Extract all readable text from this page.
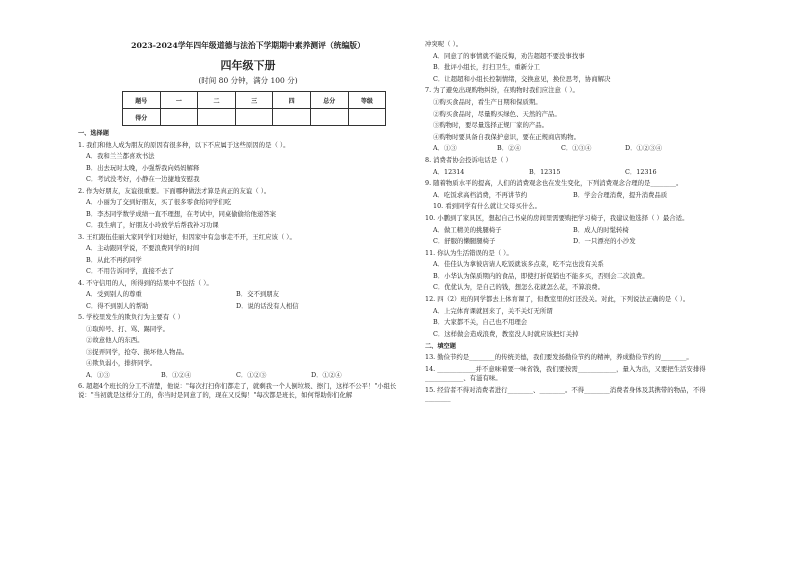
2023-2024学年四年级道德与法治下学期期中素养测评（统编版）
四年级下册
(时间 80 分钟，满分 100 分)
题号	一	二	三	四	总分	等级
得分						
一、选择题
1. 我们和他人成为朋友的原因有很多种，以下不应属于这些原因的是（ ）。
A．我和兰兰都喜欢书法
B．出去玩时太晚，小强帮我向妈妈解释
C．考试没考好，小静在一边捷地安慰我
2. 作为好朋友，友谊很重要。下面哪种做法才算是真正的友谊（ ）。
A．小丽为了交到好朋友，买了很多零食给同学们吃
B．李杰同学数学成绩一直不理想，在考试中，同桌偷偷给他递答案
C．我生病了，好朋友小玲放学后帮我补习功课
3. 王红跟伍佳丽大家同学们对她好，但因家中有急事走不开，王红应该（ ）。
A．主动跟同学说，不要浪费同学的时间
B．从此不再约同学
C．不用告诉同学，直接不去了
4. 不守信用的人，所得到的结果中不包括（ ）。
A．受到别人的尊重	B．交不到朋友
C．得不到别人的帮助	D．说的话没有人相信
5. 学校里发生的欺负行为主要有（ ）
①取绰号、打、骂、踢同学。
②故意他人的东西。
③捉弄同学，抢夺、损坏他人物品。
④欺负弱小，排挤同学。
A．①③	B．①②④	C．①②③	D．①②④
6. 超超4个班长的分工不清楚，他说："每次打扫你们都走了，就剩我一个人倒垃圾、擦门，这样不公平！"小组长说："当初就是这样分工的，你当时是同意了的，现在又反悔！"每次都是班长，如何帮助你们化解
冲突呢（ ）。
A．同意了的事情就不能反悔，劝告超超不要没事找事
B．批评小组长，打扫卫生，重新分工
C．让超超和小组长控制情绪，交换意见，换位思考，协商解决
7. 为了避免出现购物纠纷，在购物时我们应注意（ ）。
①购买食品时，看生产日期和保质期。
②购买食品时，尽量购买绿色、天然的产品。
③购物时，要尽量选择正规厂家的产品。
④购物时要具备自我保护意识，要在正规商店购物。
A．①③	B．②④	C．①③④	D．①②③④
8. 消费者协会投诉电话是（ ）
A．12314	B．12315	C．12316
9. 随着物质水平的提高，人们的消费观念也在发生变化，下列消费观念合理的是________。
A．吃饭求高档消费，不再讲节约	B．学会合理消费，提升消费品质
10. 看到同学有什么就让父母买什么。
10. 小鹏到了家具区，想起自己书桌的房间里需要购把学习椅子，我建议他选择（ ）最合适。
A．做工精美的挑腿椅子	B．成人的时髦转椅
C．舒服的懒腿腿椅子	D．一只漂亮的小沙发
11. 你认为生活错误的是（ ）。
A．佳佳认为拿彼店请人吃饭就该多点菜，吃不完也没有关系
B．小华认为保质期内的食品，即使打折促销也不能多买，否则会二次浪费。
C．优优认为，是自己的钱，想怎么花就怎么花，不算浪费。
12. 四（2）班的同学都去上体育课了，但教室里的灯还没关。对此，下列说法正确的是（ ）。
A．上完体育课就回来了，关不关灯无所谓
B．大家都不关，自己也不用理会
C．这样做会造成浪费，教室没人时就应该把灯关掉
二、填空题
13. 勤俭节约是________的传统美德，我们要发扬勤俭节约的精神，养成勤俭节约的________。
14. ____________并不意味着要一味省钱，我们要按需____________，量入为出，又要把生活安排得____________、有滋有味。
15. 经营者不得对消费者进行________、________。不得________消费者身体及其携带的物品，不得________
